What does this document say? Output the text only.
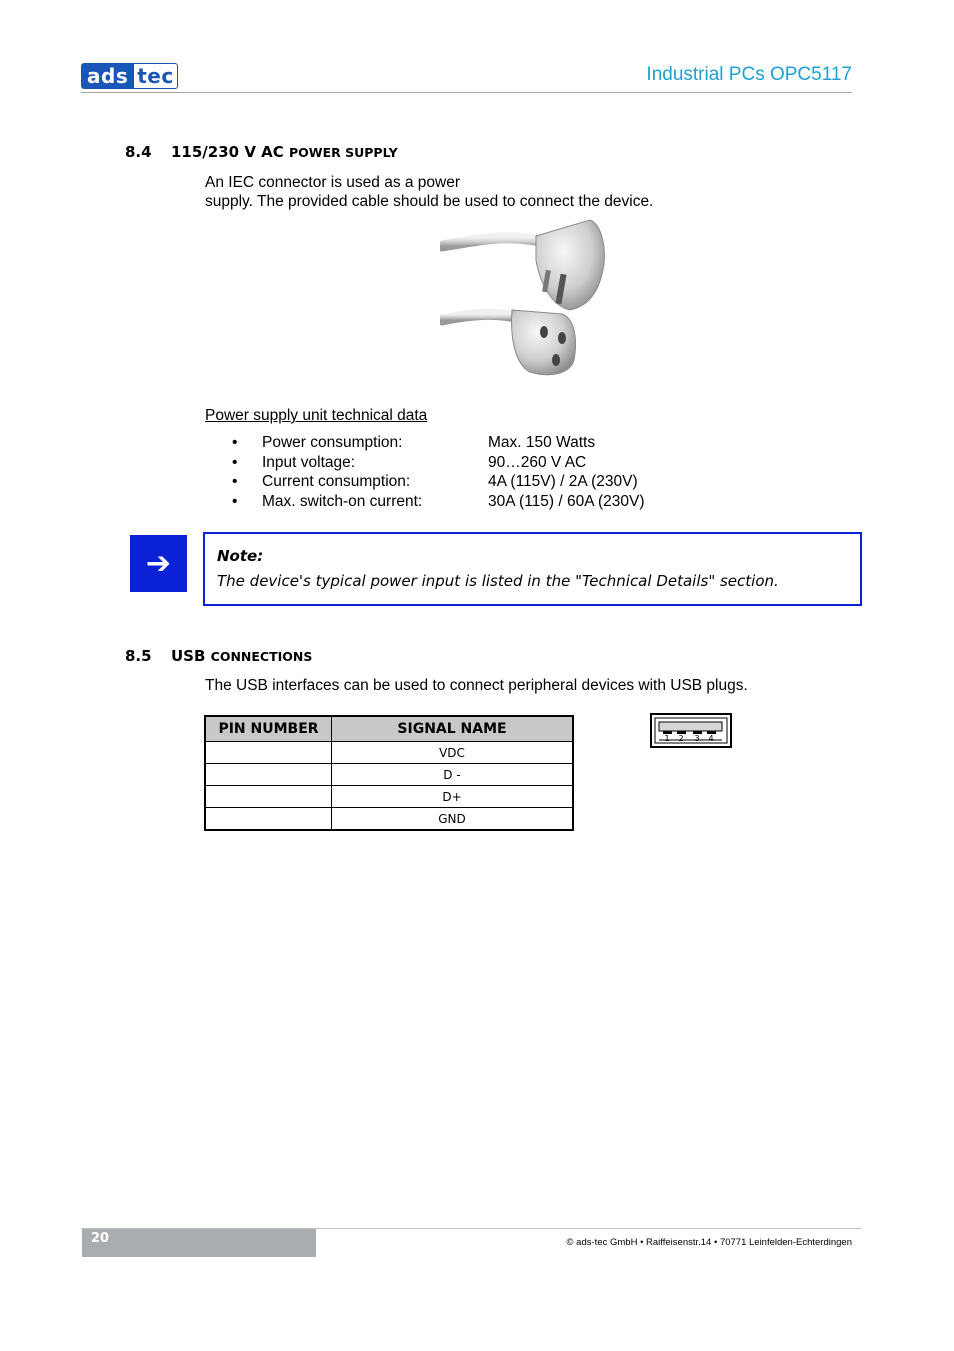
ads tec	Industrial PCs OPC5117
8.4 115/230 V AC POWER SUPPLY
An IEC connector is used as a power
supply. The provided cable should be used to connect the device.
Power supply unit technical data
• Power consumption:	Max. 150 Watts
• Input voltage:	90…260 V AC
• Current consumption:	4A (115V) / 2A (230V)
• Max. switch-on current:	30A (115) / 60A (230V)
➔	Note:
The device's typical power input is listed in the "Technical Details" section.
8.5 USB CONNECTIONS
The USB interfaces can be used to connect peripheral devices with USB plugs.
PIN NUMBER	SIGNAL NAME
	VDC
	D -
	D+
	GND
1 2 3 4
20	© ads-tec GmbH • Raiffeisenstr.14 • 70771 Leinfelden-Echterdingen
